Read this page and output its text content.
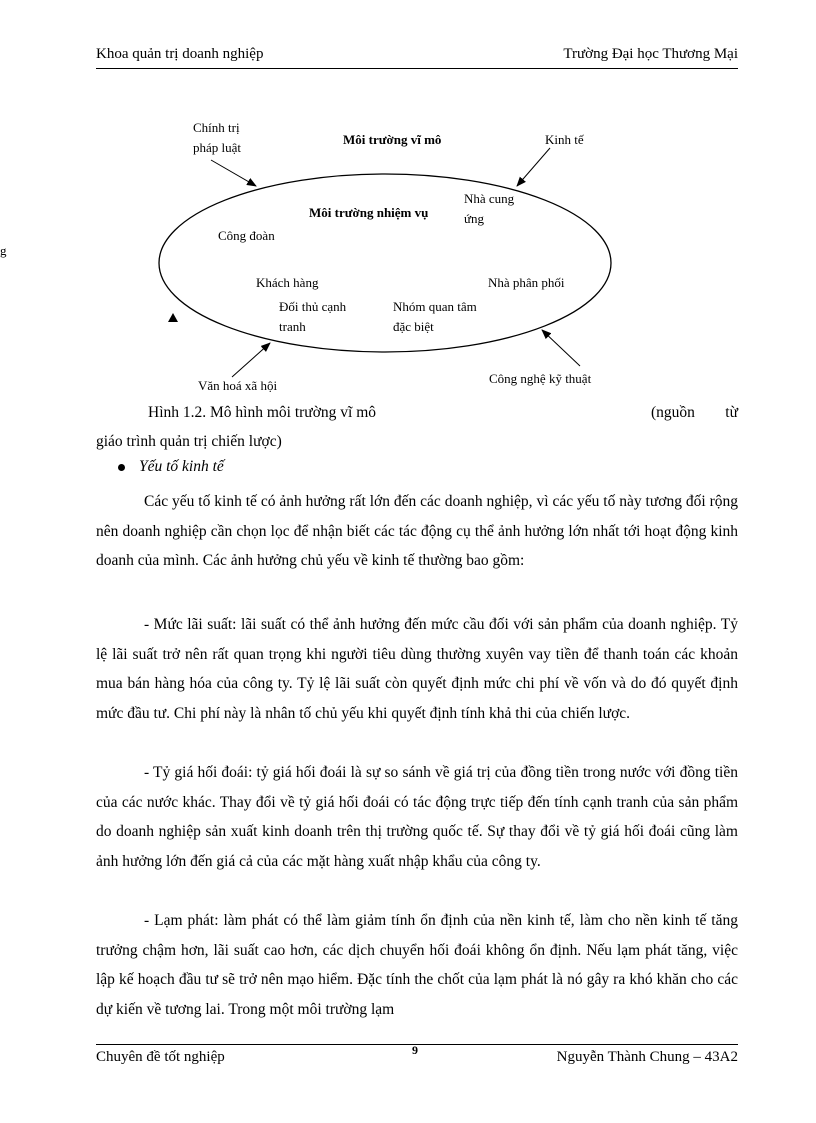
Khoa quản trị doanh nghiệp	Trường Đại học Thương Mại
g
Chính trị
pháp luật
Môi trường vĩ mô	Kinh tế
Môi trường nhiệm vụ
Nhà cung
ứng
Công đoàn
Khách hàng	Nhà phân phối
Đối thủ cạnh
tranh
Nhóm quan tâm
đặc biệt
Văn hoá xã hội	Công nghệ kỹ thuật
Hình 1.2. Mô hình môi trường vĩ mô	(nguồn từ
giáo trình quản trị chiến lược)
Yếu tố kinh tế
Các yếu tố kinh tế có ảnh hưởng rất lớn đến các doanh nghiệp, vì các yếu tố này tương đối rộng nên doanh nghiệp cần chọn lọc để nhận biết các tác động cụ thể ảnh hưởng lớn nhất tới hoạt động kinh doanh của mình. Các ảnh hưởng chủ yếu về kinh tế thường bao gồm:
- Mức lãi suất: lãi suất có thể ảnh hưởng đến mức cầu đối với sản phẩm của doanh nghiệp. Tỷ lệ lãi suất trở nên rất quan trọng khi người tiêu dùng thường xuyên vay tiền để thanh toán các khoản mua bán hàng hóa của công ty. Tỷ lệ lãi suất còn quyết định mức chi phí về vốn và do đó quyết định mức đầu tư. Chi phí này là nhân tố chủ yếu khi quyết định tính khả thi của chiến lược.
- Tỷ giá hối đoái: tỷ giá hối đoái là sự so sánh về giá trị của đồng tiền trong nước với đồng tiền của các nước khác. Thay đổi về tỷ giá hối đoái có tác động trực tiếp đến tính cạnh tranh của sản phẩm do doanh nghiệp sản xuất kinh doanh trên thị trường quốc tế. Sự thay đổi về tỷ giá hối đoái cũng làm ảnh hưởng lớn đến giá cả của các mặt hàng xuất nhập khẩu của công ty.
- Lạm phát: làm phát có thể làm giảm tính ổn định của nền kinh tế, làm cho nền kinh tế tăng trưởng chậm hơn, lãi suất cao hơn, các dịch chuyển hối đoái không ổn định. Nếu lạm phát tăng, việc lập kế hoạch đầu tư sẽ trở nên mạo hiểm. Đặc tính the chốt của lạm phát là nó gây ra khó khăn cho các dự kiến về tương lai. Trong một môi trường lạm
Chuyên đề tốt nghiệp	9	Nguyễn Thành Chung – 43A2
